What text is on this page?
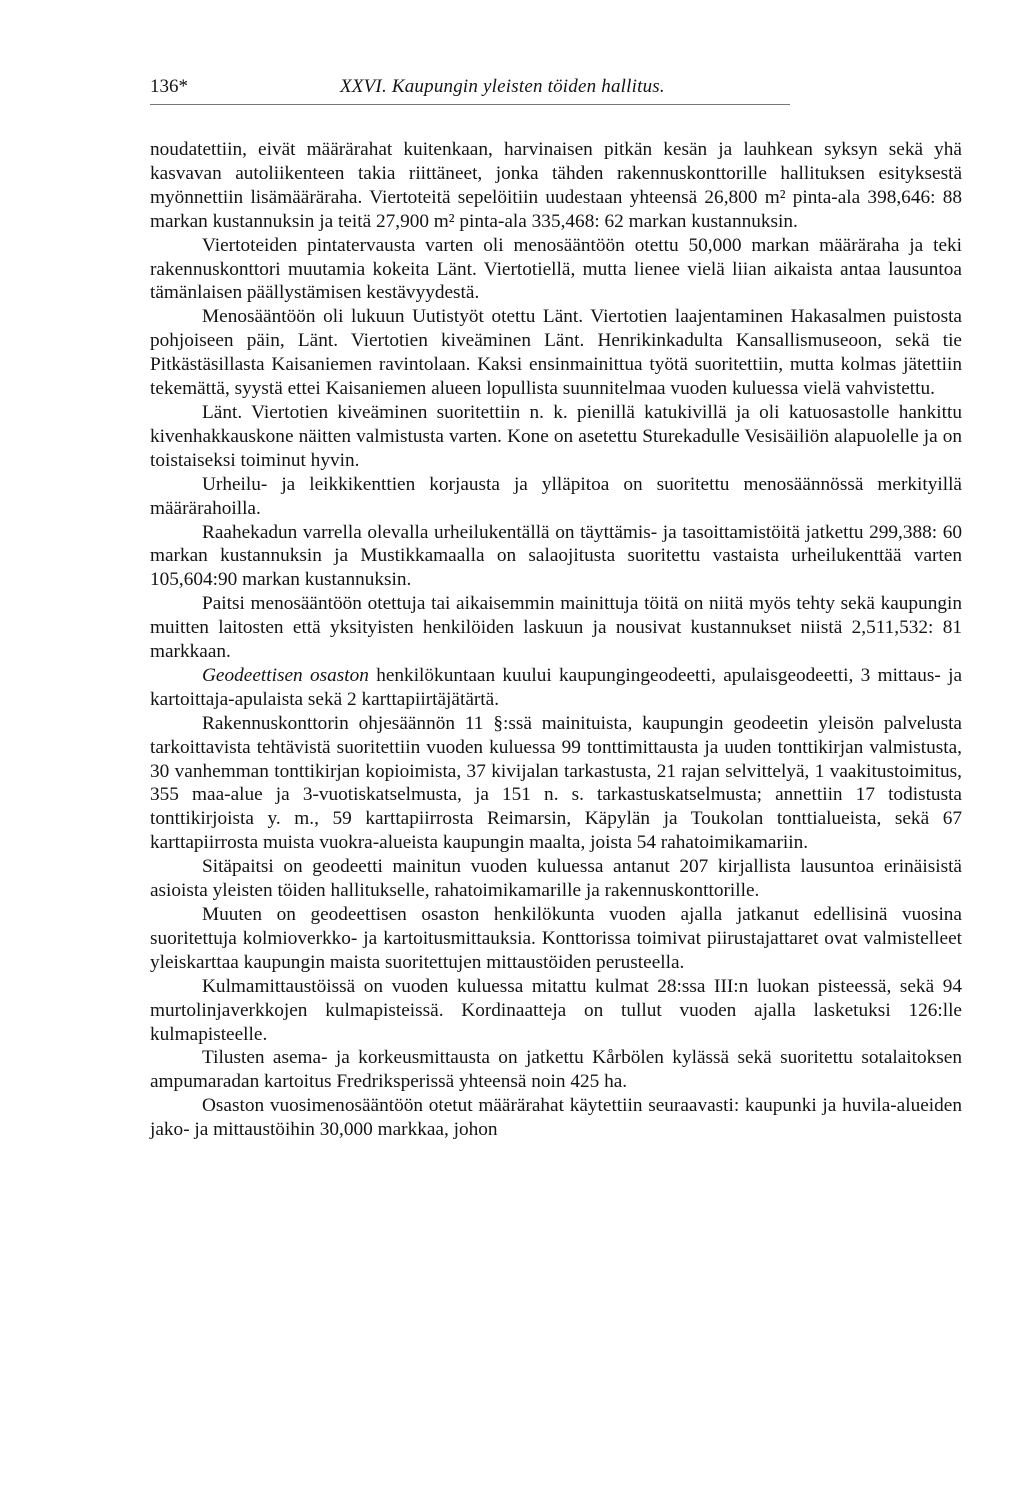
136*	XXVI. Kaupungin yleisten töiden hallitus.

noudatettiin, eivät määrärahat kuitenkaan, harvinaisen pitkän kesän ja lauhkean syksyn sekä yhä kasvavan autoliikenteen takia riittäneet, jonka tähden rakennuskonttorille hallituksen esityksestä myönnettiin lisämääräraha. Viertoteitä sepelöitiin uudestaan yhteensä 26,800 m² pinta-ala 398,646: 88 markan kustannuksin ja teitä 27,900 m² pinta-ala 335,468: 62 markan kustannuksin.

Viertoteiden pintatervausta varten oli menosääntöön otettu 50,000 markan määräraha ja teki rakennuskonttori muutamia kokeita Länt. Viertotiellä, mutta lienee vielä liian aikaista antaa lausuntoa tämänlaisen päällystämisen kestävyydestä.

Menosääntöön oli lukuun Uutistyöt otettu Länt. Viertotien laajentaminen Hakasalmen puistosta pohjoiseen päin, Länt. Viertotien kiveäminen Länt. Henrikinkadulta Kansallismuseoon, sekä tie Pitkästäsillasta Kaisaniemen ravintolaan. Kaksi ensinmainittua työtä suoritettiin, mutta kolmas jätettiin tekemättä, syystä ettei Kaisaniemen alueen lopullista suunnitelmaa vuoden kuluessa vielä vahvistettu.

Länt. Viertotien kiveäminen suoritettiin n. k. pienillä katukivillä ja oli katuosastolle hankittu kivenhakkauskone näitten valmistusta varten. Kone on asetettu Sturekadulle Vesisäiliön alapuolelle ja on toistaiseksi toiminut hyvin.

Urheilu- ja leikkikenttien korjausta ja ylläpitoa on suoritettu menosäännössä merkityillä määrärahoilla.

Raahekadun varrella olevalla urheilukentällä on täyttämis- ja tasoittamistöitä jatkettu 299,388: 60 markan kustannuksin ja Mustikkamaalla on salaojitusta suoritettu vastaista urheilukenttää varten 105,604:90 markan kustannuksin.

Paitsi menosääntöön otettuja tai aikaisemmin mainittuja töitä on niitä myös tehty sekä kaupungin muitten laitosten että yksityisten henkilöiden laskuun ja nousivat kustannukset niistä 2,511,532: 81 markkaan.

Geodeettisen osaston henkilökuntaan kuului kaupungingeodeetti, apulaisgeodeetti, 3 mittaus- ja kartoittaja-apulaista sekä 2 karttapiirtäjätärtä.

Rakennuskonttorin ohjesäännön 11 §:ssä mainituista, kaupungin geodeetin yleisön palvelusta tarkoittavista tehtävistä suoritettiin vuoden kuluessa 99 tonttimittausta ja uuden tonttikirjan valmistusta, 30 vanhemman tonttikirjan kopioimista, 37 kivijalan tarkastusta, 21 rajan selvittelyä, 1 vaakitustoimitus, 355 maa-alue ja 3-vuotiskatselmusta, ja 151 n. s. tarkastuskatselmusta; annettiin 17 todistusta tonttikirjoista y. m., 59 karttapiirrosta Reimarsin, Käpylän ja Toukolan tonttialueista, sekä 67 karttapiirrosta muista vuokra-alueista kaupungin maalta, joista 54 rahatoimikamariin.

Sitäpaitsi on geodeetti mainitun vuoden kuluessa antanut 207 kirjallista lausuntoa erinäisistä asioista yleisten töiden hallitukselle, rahatoimikamarille ja rakennuskonttorille.

Muuten on geodeettisen osaston henkilökunta vuoden ajalla jatkanut edellisinä vuosina suoritettuja kolmioverkko- ja kartoitusmittauksia. Konttorissa toimivat piirustajattaret ovat valmistelleet yleiskarttaa kaupungin maista suoritettujen mittaustöiden perusteella.

Kulmamittaustöissä on vuoden kuluessa mitattu kulmat 28:ssa III:n luokan pisteessä, sekä 94 murtolinjaverkkojen kulmapisteissä. Kordinaatteja on tullut vuoden ajalla lasketuksi 126:lle kulmapisteelle.

Tilusten asema- ja korkeusmittausta on jatkettu Kårbölen kylässä sekä suoritettu sotalaitoksen ampumaradan kartoitus Fredriksperissä yhteensä noin 425 ha.

Osaston vuosimenosääntöön otetut määrärahat käytettiin seuraavasti: kaupunki ja huvila-alueiden jako- ja mittaustöihin 30,000 markkaa, johon
